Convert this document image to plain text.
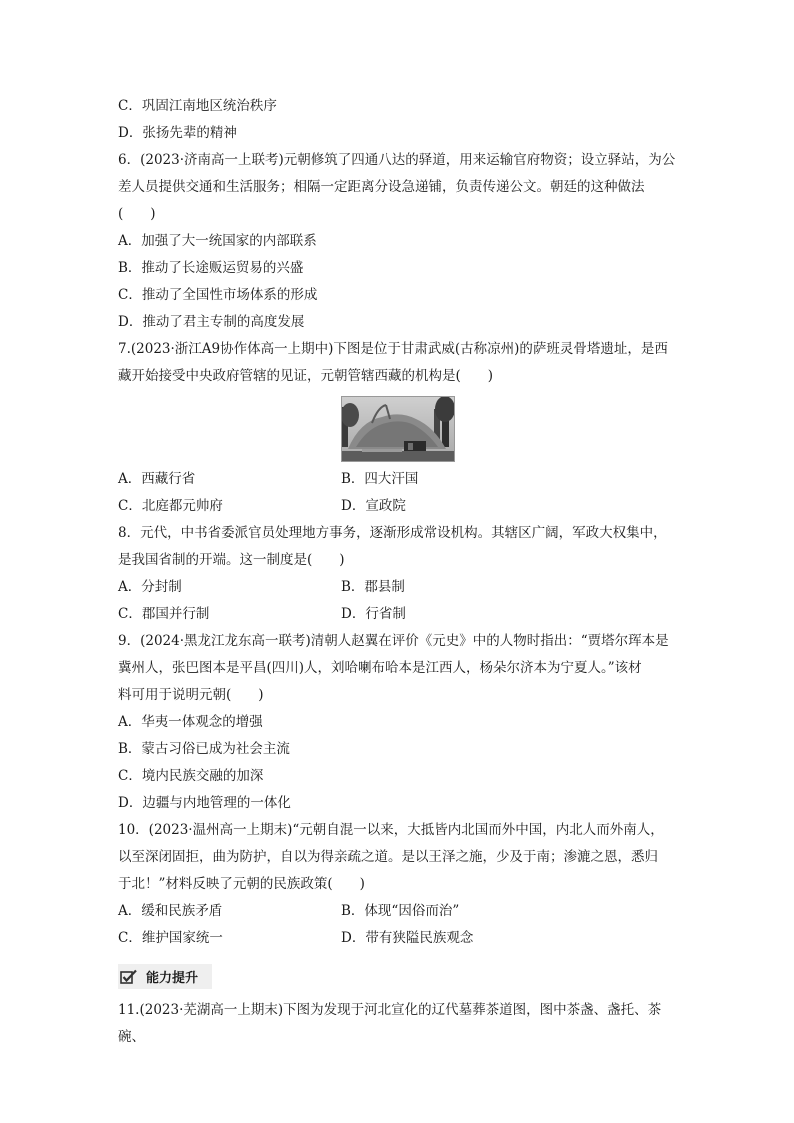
C．巩固江南地区统治秩序
D．张扬先辈的精神
6．(2023·济南高一上联考)元朝修筑了四通八达的驿道，用来运输官府物资；设立驿站，为公
差人员提供交通和生活服务；相隔一定距离分设急递铺，负责传递公文。朝廷的这种做法(　　)
A．加强了大一统国家的内部联系
B．推动了长途贩运贸易的兴盛
C．推动了全国性市场体系的形成
D．推动了君主专制的高度发展
7.(2023·浙江A9协作体高一上期中)下图是位于甘肃武威(古称凉州)的萨班灵骨塔遗址，是西
藏开始接受中央政府管辖的见证，元朝管辖西藏的机构是(　　)
A．西藏行省	B．四大汗国
C．北庭都元帅府	D．宣政院
8．元代，中书省委派官员处理地方事务，逐渐形成常设机构。其辖区广阔，军政大权集中，
是我国省制的开端。这一制度是(　　)
A．分封制	B．郡县制
C．郡国并行制	D．行省制
9．(2024·黑龙江龙东高一联考)清朝人赵翼在评价《元史》中的人物时指出：“贾塔尔珲本是
冀州人，张巴图本是平昌(四川)人，刘哈喇布哈本是江西人，杨朵尔济本为宁夏人。”该材
料可用于说明元朝(　　)
A．华夷一体观念的增强
B．蒙古习俗已成为社会主流
C．境内民族交融的加深
D．边疆与内地管理的一体化
10．(2023·温州高一上期末)“元朝自混一以来，大抵皆内北国而外中国，内北人而外南人，
以至深闭固拒，曲为防护，自以为得亲疏之道。是以王泽之施，少及于南；渗漉之恩，悉归
于北！”材料反映了元朝的民族政策(　　)
A．缓和民族矛盾	B．体现“因俗而治”
C．维护国家统一	D．带有狭隘民族观念
能力提升
11.(2023·芜湖高一上期末)下图为发现于河北宣化的辽代墓葬茶道图，图中茶盏、盏托、茶碗、
